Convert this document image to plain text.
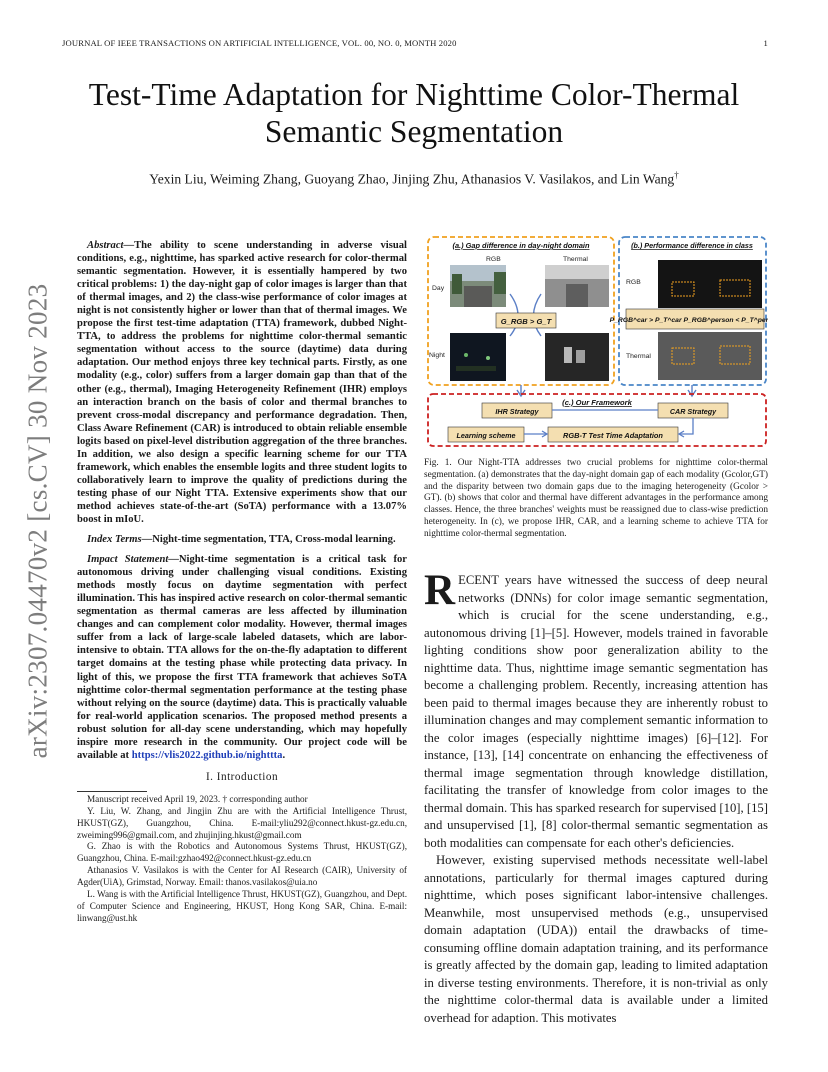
JOURNAL OF IEEE TRANSACTIONS ON ARTIFICIAL INTELLIGENCE, VOL. 00, NO. 0, MONTH 2020	1
Test-Time Adaptation for Nighttime Color-Thermal
Semantic Segmentation
Yexin Liu, Weiming Zhang, Guoyang Zhao, Jinjing Zhu, Athanasios V. Vasilakos, and Lin Wang†
arXiv:2307.04470v2 [cs.CV] 30 Nov 2023

Abstract—The ability to scene understanding in adverse visual conditions, e.g., nighttime, has sparked active research for color-thermal semantic segmentation. However, it is essentially hampered by two critical problems: 1) the day-night gap of color images is larger than that of thermal images, and 2) the class-wise performance of color images at night is not consistently higher or lower than that of thermal images. We propose the first test-time adaptation (TTA) framework, dubbed Night-TTA, to address the problems for nighttime color-thermal semantic segmentation without access to the source (daytime) data during adaptation. Our method enjoys three key technical parts. Firstly, as one modality (e.g., color) suffers from a larger domain gap than that of the other (e.g., thermal), Imaging Heterogeneity Refinement (IHR) employs an interaction branch on the basis of color and thermal branches to prevent cross-modal discrepancy and performance degradation. Then, Class Aware Refinement (CAR) is introduced to obtain reliable ensemble logits based on pixel-level distribution aggregation of the three branches. In addition, we also design a specific learning scheme for our TTA framework, which enables the ensemble logits and three student logits to collaboratively learn to improve the quality of predictions during the testing phase of our Night TTA. Extensive experiments show that our method achieves state-of-the-art (SoTA) performance with a 13.07% boost in mIoU.

Index Terms—Night-time segmentation, TTA, Cross-modal learning.

Impact Statement—Night-time segmentation is a critical task for autonomous driving under challenging visual conditions. Existing methods mostly focus on daytime segmentation with perfect illumination. This has inspired active research on color-thermal semantic segmentation as thermal cameras are less affected by illumination changes and can complement color modality. However, thermal images suffer from a lack of large-scale labeled datasets, which are labor-intensive to obtain. TTA allows for the on-the-fly adaptation to different target domains at the testing phase while protecting data privacy. In light of this, we propose the first TTA framework that achieves SoTA nighttime color-thermal segmentation performance at the testing phase without relying on the source (daytime) data. This is practically valuable for real-world application scenarios. The proposed method presents a robust solution for all-day scene understanding, which may hopefully inspire more research in the community. Our project code will be available at https://vlis2022.github.io/nighttta.

I. Introduction

Manuscript received April 19, 2023. † corresponding author

Y. Liu, W. Zhang, and Jingjin Zhu are with the Artificial Intelligence Thrust, HKUST(GZ), Guangzhou, China. E-mail:yliu292@connect.hkust-gz.edu.cn, zweiming996@gmail.com, and zhujinjing.hkust@gmail.com

G. Zhao is with the Robotics and Autonomous Systems Thrust, HKUST(GZ), Guangzhou, China. E-mail:gzhao492@connect.hkust-gz.edu.cn

Athanasios V. Vasilakos is with the Center for AI Research (CAIR), University of Agder(UiA), Grimstad, Norway. Email: thanos.vasilakos@uia.no

L. Wang is with the Artificial Intelligence Thrust, HKUST(GZ), Guangzhou, and Dept. of Computer Science and Engineering, HKUST, Hong Kong SAR, China. E-mail: linwang@ust.hk

(a.) Gap difference in day-night domain
RGB	Thermal
Day
Night
G_RGB > G_T
(b.) Performance difference in class
RGB
P_RGB^car > P_T^car P_RGB^person < P_T^person
Thermal
(c.) Our Framework
IHR Strategy	CAR Strategy
Learning scheme	RGB-T Test Time Adaptation
Fig. 1. Our Night-TTA addresses two crucial problems for nighttime color-thermal segmentation. (a) demonstrates that the day-night domain gap of each modality (Gcolor,GT) and the disparity between two domain gaps due to the imaging heterogeneity (Gcolor > GT). (b) shows that color and thermal have different advantages in the performance among classes. Hence, the three branches' weights must be reassigned due to class-wise prediction heterogeneity. In (c), we propose IHR, CAR, and a learning scheme to achieve TTA for nighttime color-thermal segmentation.

RECENT years have witnessed the success of deep neural networks (DNNs) for color image semantic segmentation, which is crucial for the scene understanding, e.g., autonomous driving [1]–[5]. However, models trained in favorable lighting conditions show poor generalization ability to the nighttime data. Thus, nighttime image semantic segmentation has become a challenging problem. Recently, increasing attention has been paid to thermal images because they are inherently robust to illumination changes and may complement semantic information to the color images (especially nighttime images) [6]–[12]. For instance, [13], [14] concentrate on enhancing the effectiveness of thermal image segmentation through knowledge distillation, facilitating the transfer of knowledge from color images to the thermal domain. This has sparked research for supervised [10], [15] and unsupervised [1], [8] color-thermal semantic segmentation as both modalities can compensate for each other's deficiencies.

However, existing supervised methods necessitate well-label annotations, particularly for thermal images captured during nighttime, which poses significant labor-intensive challenges. Meanwhile, most unsupervised methods (e.g., unsupervised domain adaptation (UDA)) entail the drawbacks of time-consuming offline domain adaptation training, and its performance is greatly affected by the domain gap, leading to limited adaptation in diverse testing environments. Therefore, it is non-trivial as only the nighttime color-thermal data is available under a limited overhead for adaption. This motivates
